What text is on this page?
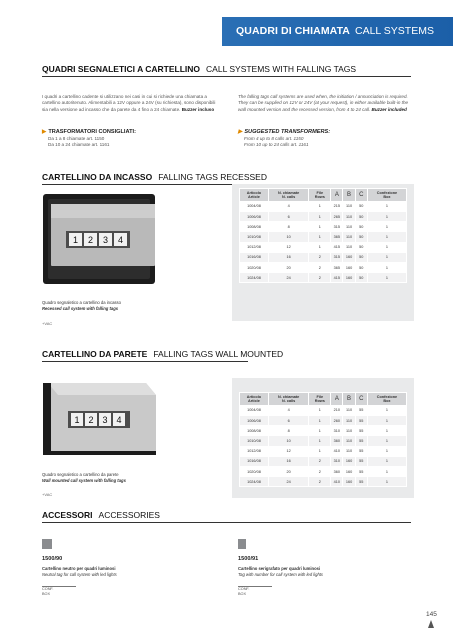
QUADRI DI CHIAMATA CALL SYSTEMS
QUADRI SEGNALETICI A CARTELLINO CALL SYSTEMS WITH FALLING TAGS
I quadri a cartellino cadente si utilizzano nei casi in cui si richiede una chiamata a cartellino autoritenuto. Alimentabili a 12V oppure a 24V (su richiesta), sono disponibili sia nella versione ad incasso che da parete da 4 fino a 24 chiamate. Buzzer incluso
The falling tags call systems are used when, the initiation / annunciation is required. They can be supplied on 12V or 24V (at your request), in either available built-in the wall mounted version and the recessed version, from 4 to 24 call. Buzzer included
▶ TRASFORMATORI CONSIGLIATI:
Da 1 a 8 chiamate art. 1150
Da 10 a 24 chiamate art. 1161
▶ SUGGESTED TRANSFORMERS:
From 4 up to 8 calls art. 1150
From 10 up to 24 calls art. 1161
CARTELLINO DA INCASSO FALLING TAGS RECESSED
1 2 3 4
Quadro segnaletico a cartellino da incasso
Recessed call system with falling tags
+VAC
Articolo
Article	N. chiamate
N. calls	File
Rows	A	B	C	Confezione
Box
1004/08	4	1	215	110	50	1
1006/08	6	1	265	110	50	1
1008/08	8	1	315	110	50	1
1010/08	10	1	365	110	50	1
1012/08	12	1	415	110	50	1
1016/08	16	2	315	160	50	1
1020/08	20	2	365	160	50	1
1024/08	24	2	415	160	50	1
CARTELLINO DA PARETE FALLING TAGS WALL MOUNTED
1 2 3 4
Quadro segnaletico a cartellino da parete
Wall mounted call system with falling tags
+VAC
Articolo
Article	N. chiamate
N. calls	File
Rows	A	B	C	Confezione
Box
1004/08	4	1	210	110	55	1
1006/08	6	1	260	110	55	1
1008/08	8	1	310	110	55	1
1010/08	10	1	360	110	55	1
1012/08	12	1	410	110	55	1
1016/08	16	2	310	160	55	1
1020/08	20	2	360	160	55	1
1024/08	24	2	410	160	55	1
ACCESSORI ACCESSORIES
1500/90
Cartellino neutro per quadri luminosi
Neutral tag for call system with led lights
CONF.
BOX
1500/91
Cartellino serigrafato per quadri luminosi
Tag with number for call system with led lights
CONF.
BOX
145
